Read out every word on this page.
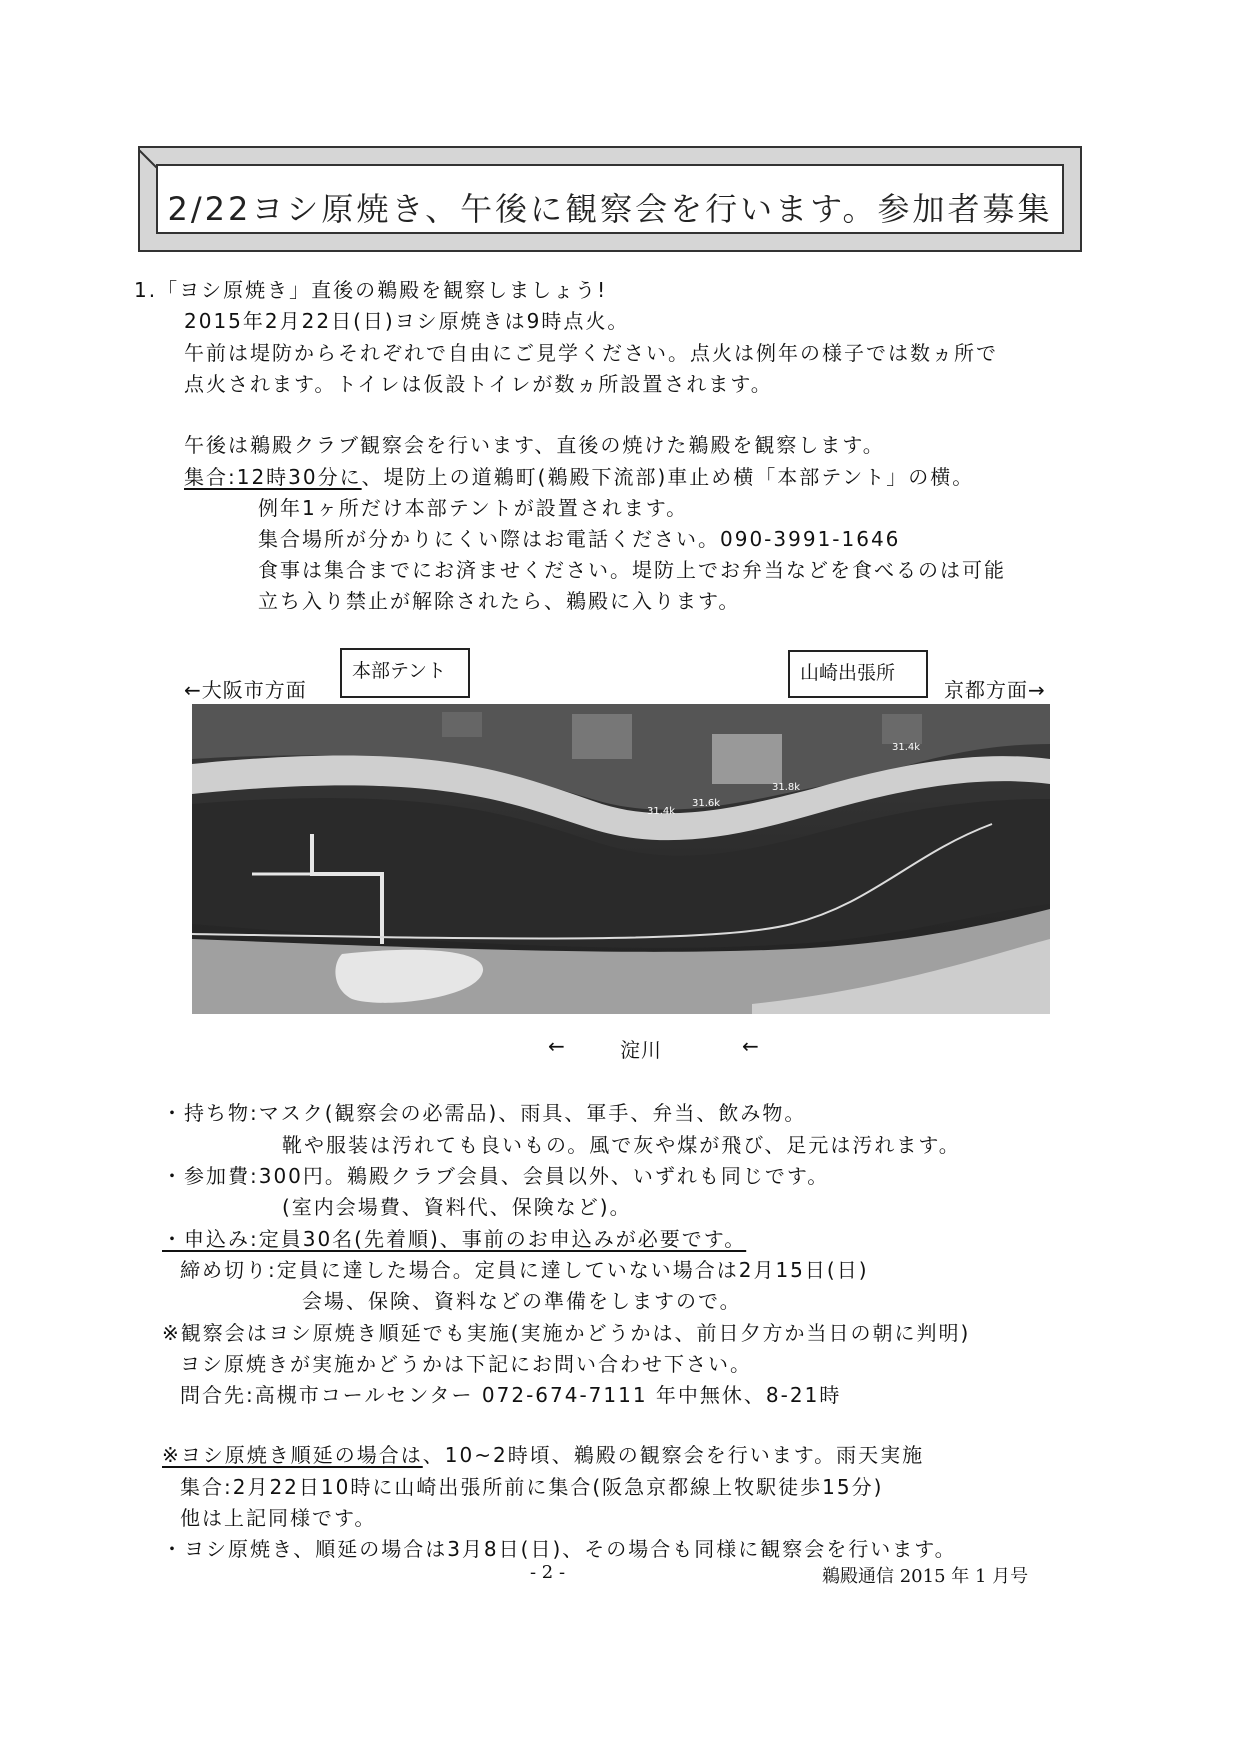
2/22ヨシ原焼き、午後に観察会を行います。参加者募集
1.「ヨシ原焼き」直後の鵜殿を観察しましょう!
2015年2月22日(日)ヨシ原焼きは9時点火。
午前は堤防からそれぞれで自由にご見学ください。点火は例年の様子では数ヵ所で
点火されます。トイレは仮設トイレが数ヵ所設置されます。
午後は鵜殿クラブ観察会を行います、直後の焼けた鵜殿を観察します。
集合:12時30分に、堤防上の道鵜町(鵜殿下流部)車止め横「本部テント」の横。
例年1ヶ所だけ本部テントが設置されます。
集合場所が分かりにくい際はお電話ください。090-3991-1646
食事は集合までにお済ませください。堤防上でお弁当などを食べるのは可能
立ち入り禁止が解除されたら、鵜殿に入ります。
←大阪市方面
本部テント	山崎出張所
京都方面→
31.4k
31.6k
31.8k
31.4k
←	淀川	←
・持ち物:マスク(観察会の必需品)、雨具、軍手、弁当、飲み物。
靴や服装は汚れても良いもの。風で灰や煤が飛び、足元は汚れます。
・参加費:300円。鵜殿クラブ会員、会員以外、いずれも同じです。
(室内会場費、資料代、保険など)。
・申込み:定員30名(先着順)、事前のお申込みが必要です。
締め切り:定員に達した場合。定員に達していない場合は2月15日(日)
会場、保険、資料などの準備をしますので。
※観察会はヨシ原焼き順延でも実施(実施かどうかは、前日夕方か当日の朝に判明)
ヨシ原焼きが実施かどうかは下記にお問い合わせ下さい。
問合先:高槻市コールセンター 072-674-7111 年中無休、8-21時
※ヨシ原焼き順延の場合は、10~2時頃、鵜殿の観察会を行います。雨天実施
集合:2月22日10時に山崎出張所前に集合(阪急京都線上牧駅徒歩15分)
他は上記同様です。
・ヨシ原焼き、順延の場合は3月8日(日)、その場合も同様に観察会を行います。
- 2 -	鵜殿通信 2015 年 1 月号
